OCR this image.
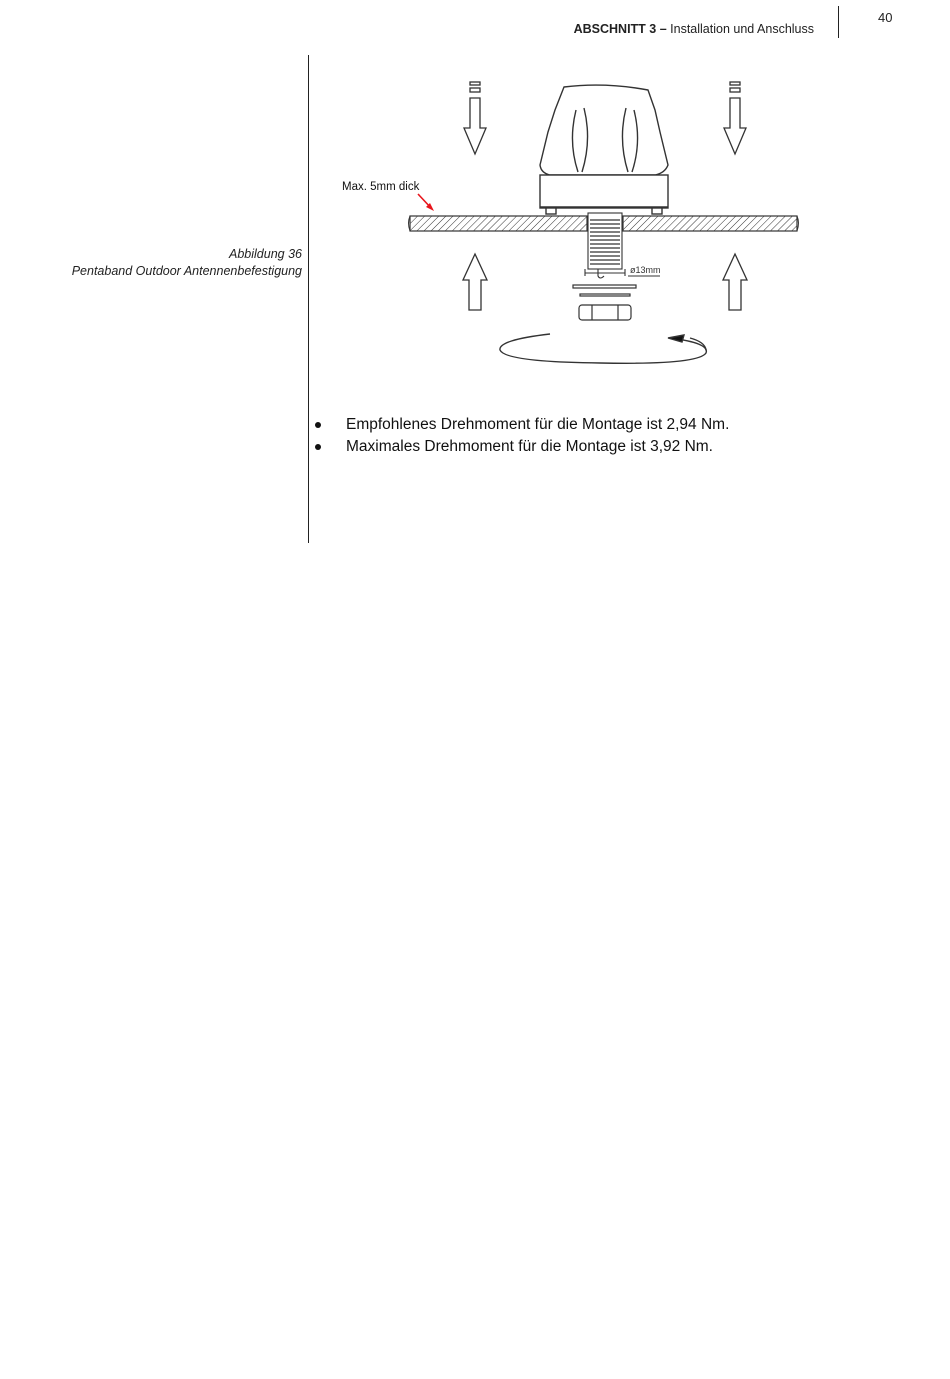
ABSCHNITT 3 – Installation und Anschluss
40
Abbildung 36
Pentaband Outdoor Antennenbefestigung	ø13mm
Max. 5mm dick
Empfohlenes Drehmoment für die Montage ist 2,94 Nm.
Maximales Drehmoment für die Montage ist 3,92 Nm.
